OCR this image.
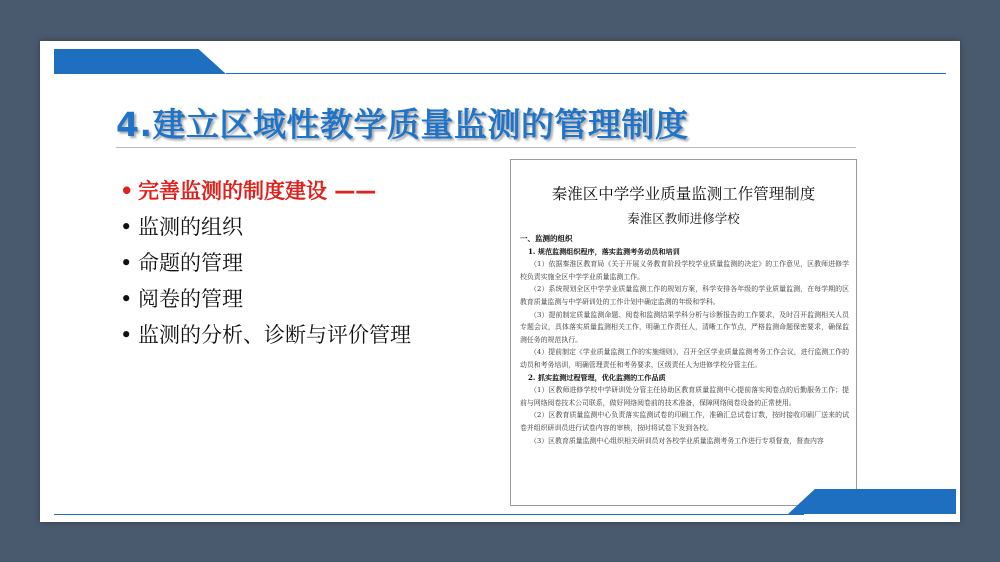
4.建立区域性教学质量监测的管理制度
• 完善监测的制度建设 ——
• 监测的组织
• 命题的管理
• 阅卷的管理
• 监测的分析、诊断与评价管理
秦淮区中学学业质量监测工作管理制度
秦淮区教师进修学校

一、监测的组织

1. 规范监测组织程序，落实监测考务动员和培训

（1）依据秦淮区教育局《关于开展义务教育阶段学校学业质量监测的决定》的工作意见，区教师进修学校负责实施全区中学学业质量监测工作。

（2）系统规划全区中学学业质量监测工作的规划方案，科学安排各年级的学业质量监测，在每学期的区教育质量监测与中学研训处的工作计划中确定监测的年级和学科。

（3）提前制定质量监测命题、阅卷和监测结果学科分析与诊断报告的工作要求，及时召开监测相关人员专题会议，具体落实质量监测相关工作，明确工作责任人，清晰工作节点，严格监测命题保密要求，确保监测任务的规范执行。

（4）提前制定《学业质量监测工作的实施细则》，召开全区学业质量监测考务工作会议，进行监测工作的动员和考务培训，明确管理责任和考务要求，区级责任人为进修学校分管主任。

2. 抓实监测过程管理，优化监测的工作品质

（1）区教师进修学校中学研训处分管主任协助区教育质量监测中心提前落实阅卷点的后勤服务工作；提前与网络阅卷技术公司联系，做好网络阅卷前的技术准备，保障网络阅卷设备的正常使用。

（2）区教育质量监测中心负责落实监测试卷的印刷工作，准确汇总试卷订数，按时接收印刷厂送来的试卷并组织研训员进行试卷内容的审核，按时将试卷下发到各校。

（3）区教育质量监测中心组织相关研训员对各校学业质量监测考务工作进行专项督查，督查内容
